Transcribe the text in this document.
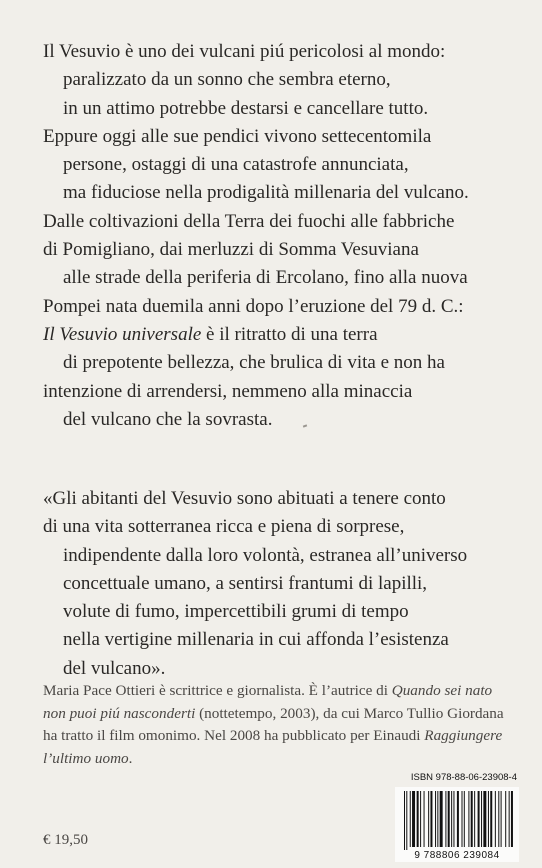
Il Vesuvio è uno dei vulcani piú pericolosi al mondo:
paralizzato da un sonno che sembra eterno,
in un attimo potrebbe destarsi e cancellare tutto.
Eppure oggi alle sue pendici vivono settecentomila
persone, ostaggi di una catastrofe annunciata,
ma fiduciose nella prodigalità millenaria del vulcano.
Dalle coltivazioni della Terra dei fuochi alle fabbriche
di Pomigliano, dai merluzzi di Somma Vesuviana
alle strade della periferia di Ercolano, fino alla nuova
Pompei nata duemila anni dopo l’eruzione del 79 d. C.:
Il Vesuvio universale è il ritratto di una terra
di prepotente bellezza, che brulica di vita e non ha
intenzione di arrendersi, nemmeno alla minaccia
del vulcano che la sovrasta.
«Gli abitanti del Vesuvio sono abituati a tenere conto
di una vita sotterranea ricca e piena di sorprese,
indipendente dalla loro volontà, estranea all’universo
concettuale umano, a sentirsi frantumi di lapilli,
volute di fumo, impercettibili grumi di tempo
nella vertigine millenaria in cui affonda l’esistenza
del vulcano».

Maria Pace Ottieri è scrittrice e giornalista. È l’autrice di Quando sei nato non puoi piú nasconderti (nottetempo, 2003), da cui Marco Tullio Giordana ha tratto il film omonimo. Nel 2008 ha pubblicato per Einaudi Raggiungere l’ultimo uomo.

€ 19,50
ISBN 978-88-06-23908-4
9 788806 239084
